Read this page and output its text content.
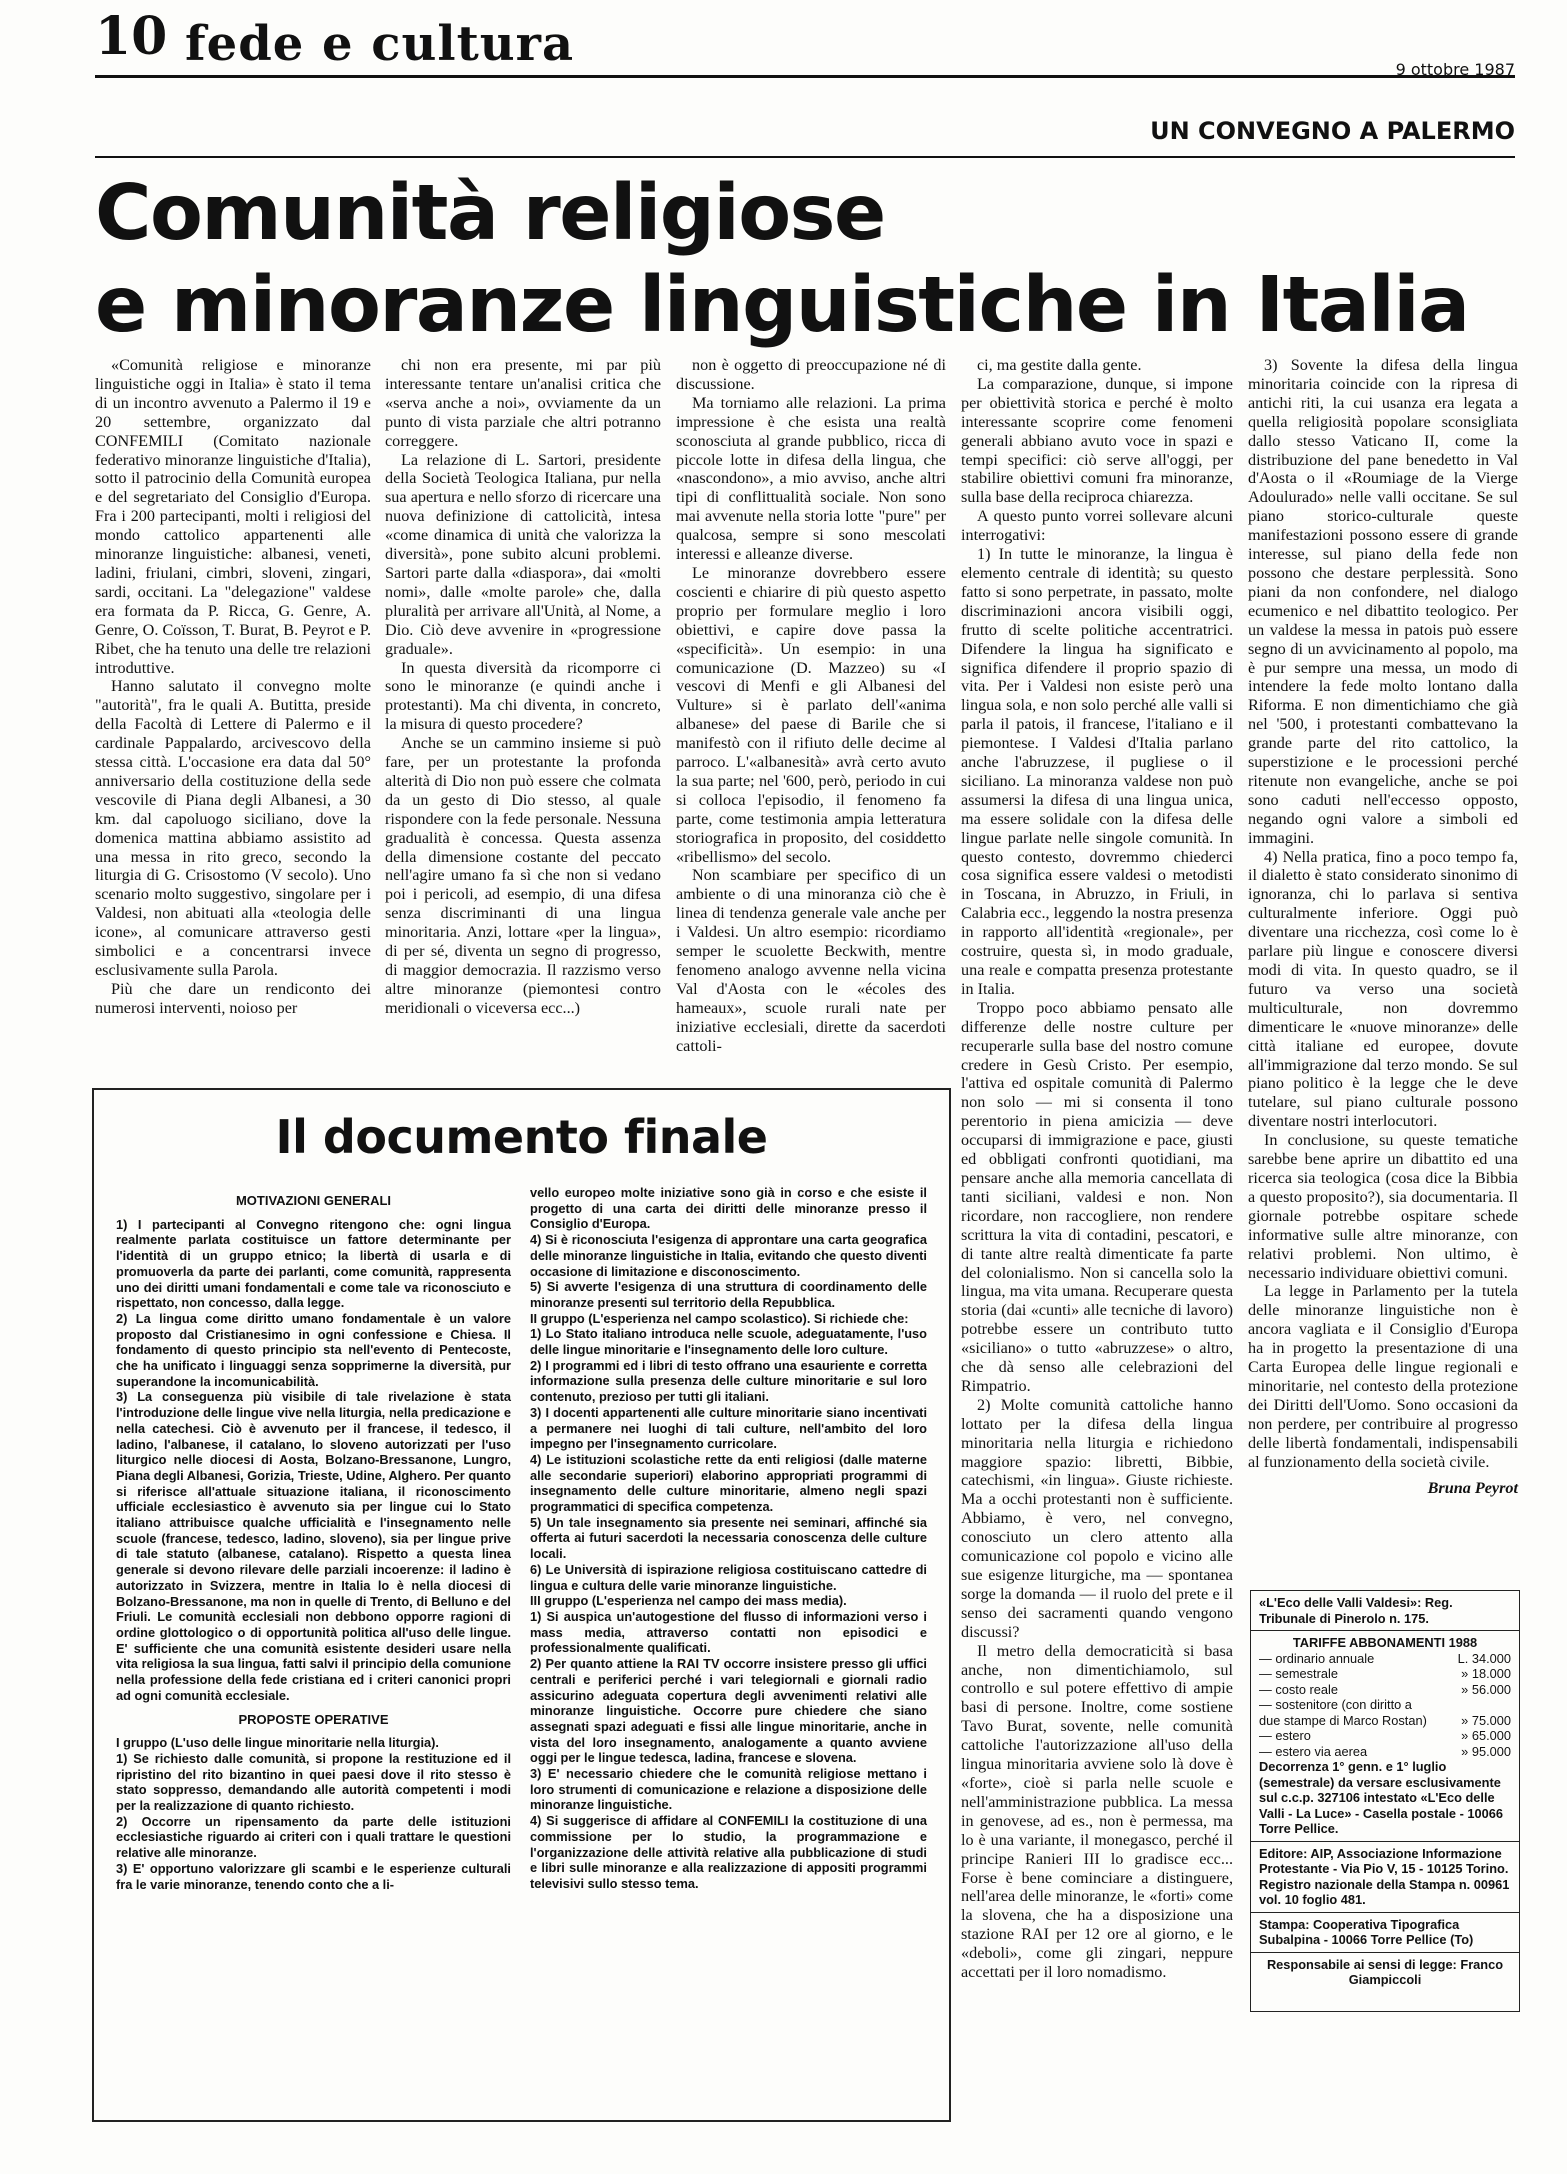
10 fede e cultura	9 ottobre 1987
UN CONVEGNO A PALERMO
Comunità religiose
e minoranze linguistiche in Italia

«Comunità religiose e minoranze linguistiche oggi in Italia» è stato il tema di un incontro avvenuto a Palermo il 19 e 20 settembre, organizzato dal CONFEMILI (Comitato nazionale federativo minoranze linguistiche d'Italia), sotto il patrocinio della Comunità europea e del segretariato del Consiglio d'Europa. Fra i 200 partecipanti, molti i religiosi del mondo cattolico appartenenti alle minoranze linguistiche: albanesi, veneti, ladini, friulani, cimbri, sloveni, zingari, sardi, occitani. La "delegazione" valdese era formata da P. Ricca, G. Genre, A. Genre, O. Coïsson, T. Burat, B. Peyrot e P. Ribet, che ha tenuto una delle tre relazioni introduttive.

Hanno salutato il convegno molte "autorità", fra le quali A. Butitta, preside della Facoltà di Lettere di Palermo e il cardinale Pappalardo, arcivescovo della stessa città. L'occasione era data dal 50° anniversario della costituzione della sede vescovile di Piana degli Albanesi, a 30 km. dal capoluogo siciliano, dove la domenica mattina abbiamo assistito ad una messa in rito greco, secondo la liturgia di G. Crisostomo (V secolo). Uno scenario molto suggestivo, singolare per i Valdesi, non abituati alla «teologia delle icone», al comunicare attraverso gesti simbolici e a concentrarsi invece esclusivamente sulla Parola.

Più che dare un rendiconto dei numerosi interventi, noioso per

chi non era presente, mi par più interessante tentare un'analisi critica che «serva anche a noi», ovviamente da un punto di vista parziale che altri potranno correggere.

La relazione di L. Sartori, presidente della Società Teologica Italiana, pur nella sua apertura e nello sforzo di ricercare una nuova definizione di cattolicità, intesa «come dinamica di unità che valorizza la diversità», pone subito alcuni problemi. Sartori parte dalla «diaspora», dai «molti nomi», dalle «molte parole» che, dalla pluralità per arrivare all'Unità, al Nome, a Dio. Ciò deve avvenire in «progressione graduale».

In questa diversità da ricomporre ci sono le minoranze (e quindi anche i protestanti). Ma chi diventa, in concreto, la misura di questo procedere?

Anche se un cammino insieme si può fare, per un protestante la profonda alterità di Dio non può essere che colmata da un gesto di Dio stesso, al quale rispondere con la fede personale. Nessuna gradualità è concessa. Questa assenza della dimensione costante del peccato nell'agire umano fa sì che non si vedano poi i pericoli, ad esempio, di una difesa senza discriminanti di una lingua minoritaria. Anzi, lottare «per la lingua», di per sé, diventa un segno di progresso, di maggior democrazia. Il razzismo verso altre minoranze (piemontesi contro meridionali o viceversa ecc...)

non è oggetto di preoccupazione né di discussione.

Ma torniamo alle relazioni. La prima impressione è che esista una realtà sconosciuta al grande pubblico, ricca di piccole lotte in difesa della lingua, che «nascondono», a mio avviso, anche altri tipi di conflittualità sociale. Non sono mai avvenute nella storia lotte "pure" per qualcosa, sempre si sono mescolati interessi e alleanze diverse.

Le minoranze dovrebbero essere coscienti e chiarire di più questo aspetto proprio per formulare meglio i loro obiettivi, e capire dove passa la «specificità». Un esempio: in una comunicazione (D. Mazzeo) su «I vescovi di Menfi e gli Albanesi del Vulture» si è parlato dell'«anima albanese» del paese di Barile che si manifestò con il rifiuto delle decime al parroco. L'«albanesità» avrà certo avuto la sua parte; nel '600, però, periodo in cui si colloca l'episodio, il fenomeno fa parte, come testimonia ampia letteratura storiografica in proposito, del cosiddetto «ribellismo» del secolo.

Non scambiare per specifico di un ambiente o di una minoranza ciò che è linea di tendenza generale vale anche per i Valdesi. Un altro esempio: ricordiamo semper le scuolette Beckwith, mentre fenomeno analogo avvenne nella vicina Val d'Aosta con le «écoles des hameaux», scuole rurali nate per iniziative ecclesiali, dirette da sacerdoti cattoli-

ci, ma gestite dalla gente.

La comparazione, dunque, si impone per obiettività storica e perché è molto interessante scoprire come fenomeni generali abbiano avuto voce in spazi e tempi specifici: ciò serve all'oggi, per stabilire obiettivi comuni fra minoranze, sulla base della reciproca chiarezza.

A questo punto vorrei sollevare alcuni interrogativi:

1) In tutte le minoranze, la lingua è elemento centrale di identità; su questo fatto si sono perpetrate, in passato, molte discriminazioni ancora visibili oggi, frutto di scelte politiche accentratrici. Difendere la lingua ha significato e significa difendere il proprio spazio di vita. Per i Valdesi non esiste però una lingua sola, e non solo perché alle valli si parla il patois, il francese, l'italiano e il piemontese. I Valdesi d'Italia parlano anche l'abruzzese, il pugliese o il siciliano. La minoranza valdese non può assumersi la difesa di una lingua unica, ma essere solidale con la difesa delle lingue parlate nelle singole comunità. In questo contesto, dovremmo chiederci cosa significa essere valdesi o metodisti in Toscana, in Abruzzo, in Friuli, in Calabria ecc., leggendo la nostra presenza in rapporto all'identità «regionale», per costruire, questa sì, in modo graduale, una reale e compatta presenza protestante in Italia.

Troppo poco abbiamo pensato alle differenze delle nostre culture per recuperarle sulla base del nostro comune credere in Gesù Cristo. Per esempio, l'attiva ed ospitale comunità di Palermo non solo — mi si consenta il tono perentorio in piena amicizia — deve occuparsi di immigrazione e pace, giusti ed obbligati confronti quotidiani, ma pensare anche alla memoria cancellata di tanti siciliani, valdesi e non. Non ricordare, non raccogliere, non rendere scrittura la vita di contadini, pescatori, e di tante altre realtà dimenticate fa parte del colonialismo. Non si cancella solo la lingua, ma vita umana. Recuperare questa storia (dai «cunti» alle tecniche di lavoro) potrebbe essere un contributo tutto «siciliano» o tutto «abruzzese» o altro, che dà senso alle celebrazioni del Rimpatrio.

2) Molte comunità cattoliche hanno lottato per la difesa della lingua minoritaria nella liturgia e richiedono maggiore spazio: libretti, Bibbie, catechismi, «in lingua». Giuste richieste. Ma a occhi protestanti non è sufficiente. Abbiamo, è vero, nel convegno, conosciuto un clero attento alla comunicazione col popolo e vicino alle sue esigenze liturgiche, ma — spontanea sorge la domanda — il ruolo del prete e il senso dei sacramenti quando vengono discussi?

Il metro della democraticità si basa anche, non dimentichiamolo, sul controllo e sul potere effettivo di ampie basi di persone. Inoltre, come sostiene Tavo Burat, sovente, nelle comunità cattoliche l'autorizzazione all'uso della lingua minoritaria avviene solo là dove è «forte», cioè si parla nelle scuole e nell'amministrazione pubblica. La messa in genovese, ad es., non è permessa, ma lo è una variante, il monegasco, perché il principe Ranieri III lo gradisce ecc... Forse è bene cominciare a distinguere, nell'area delle minoranze, le «forti» come la slovena, che ha a disposizione una stazione RAI per 12 ore al giorno, e le «deboli», come gli zingari, neppure accettati per il loro nomadismo.

3) Sovente la difesa della lingua minoritaria coincide con la ripresa di antichi riti, la cui usanza era legata a quella religiosità popolare sconsigliata dallo stesso Vaticano II, come la distribuzione del pane benedetto in Val d'Aosta o il «Roumiage de la Vierge Adoulurado» nelle valli occitane. Se sul piano storico-culturale queste manifestazioni possono essere di grande interesse, sul piano della fede non possono che destare perplessità. Sono piani da non confondere, nel dialogo ecumenico e nel dibattito teologico. Per un valdese la messa in patois può essere segno di un avvicinamento al popolo, ma è pur sempre una messa, un modo di intendere la fede molto lontano dalla Riforma. E non dimentichiamo che già nel '500, i protestanti combattevano la grande parte del rito cattolico, la superstizione e le processioni perché ritenute non evangeliche, anche se poi sono caduti nell'eccesso opposto, negando ogni valore a simboli ed immagini.

4) Nella pratica, fino a poco tempo fa, il dialetto è stato considerato sinonimo di ignoranza, chi lo parlava si sentiva culturalmente inferiore. Oggi può diventare una ricchezza, così come lo è parlare più lingue e conoscere diversi modi di vita. In questo quadro, se il futuro va verso una società multiculturale, non dovremmo dimenticare le «nuove minoranze» delle città italiane ed europee, dovute all'immigrazione dal terzo mondo. Se sul piano politico è la legge che le deve tutelare, sul piano culturale possono diventare nostri interlocutori.

In conclusione, su queste tematiche sarebbe bene aprire un dibattito ed una ricerca sia teologica (cosa dice la Bibbia a questo proposito?), sia documentaria. Il giornale potrebbe ospitare schede informative sulle altre minoranze, con relativi problemi. Non ultimo, è necessario individuare obiettivi comuni.

La legge in Parlamento per la tutela delle minoranze linguistiche non è ancora vagliata e il Consiglio d'Europa ha in progetto la presentazione di una Carta Europea delle lingue regionali e minoritarie, nel contesto della protezione dei Diritti dell'Uomo. Sono occasioni da non perdere, per contribuire al progresso delle libertà fondamentali, indispensabili al funzionamento della società civile.

Bruna Peyrot
Il documento finale

MOTIVAZIONI GENERALI

1) I partecipanti al Convegno ritengono che: ogni lingua realmente parlata costituisce un fattore determinante per l'identità di un gruppo etnico; la libertà di usarla e di promuoverla da parte dei parlanti, come comunità, rappresenta uno dei diritti umani fondamentali e come tale va riconosciuto e rispettato, non concesso, dalla legge.

2) La lingua come diritto umano fondamentale è un valore proposto dal Cristianesimo in ogni confessione e Chiesa. Il fondamento di questo principio sta nell'evento di Pentecoste, che ha unificato i linguaggi senza sopprimerne la diversità, pur superandone la incomunicabilità.

3) La conseguenza più visibile di tale rivelazione è stata l'introduzione delle lingue vive nella liturgia, nella predicazione e nella catechesi. Ciò è avvenuto per il francese, il tedesco, il ladino, l'albanese, il catalano, lo sloveno autorizzati per l'uso liturgico nelle diocesi di Aosta, Bolzano-Bressanone, Lungro, Piana degli Albanesi, Gorizia, Trieste, Udine, Alghero. Per quanto si riferisce all'attuale situazione italiana, il riconoscimento ufficiale ecclesiastico è avvenuto sia per lingue cui lo Stato italiano attribuisce qualche ufficialità e l'insegnamento nelle scuole (francese, tedesco, ladino, sloveno), sia per lingue prive di tale statuto (albanese, catalano). Rispetto a questa linea generale si devono rilevare delle parziali incoerenze: il ladino è autorizzato in Svizzera, mentre in Italia lo è nella diocesi di Bolzano-Bressanone, ma non in quelle di Trento, di Belluno e del Friuli. Le comunità ecclesiali non debbono opporre ragioni di ordine glottologico o di opportunità politica all'uso delle lingue. E' sufficiente che una comunità esistente desideri usare nella vita religiosa la sua lingua, fatti salvi il principio della comunione nella professione della fede cristiana ed i criteri canonici propri ad ogni comunità ecclesiale.

PROPOSTE OPERATIVE

I gruppo (L'uso delle lingue minoritarie nella liturgia).

1) Se richiesto dalle comunità, si propone la restituzione ed il ripristino del rito bizantino in quei paesi dove il rito stesso è stato soppresso, demandando alle autorità competenti i modi per la realizzazione di quanto richiesto.

2) Occorre un ripensamento da parte delle istituzioni ecclesiastiche riguardo ai criteri con i quali trattare le questioni relative alle minoranze.

3) E' opportuno valorizzare gli scambi e le esperienze culturali fra le varie minoranze, tenendo conto che a li-

vello europeo molte iniziative sono già in corso e che esiste il progetto di una carta dei diritti delle minoranze presso il Consiglio d'Europa.

4) Si è riconosciuta l'esigenza di approntare una carta geografica delle minoranze linguistiche in Italia, evitando che questo diventi occasione di limitazione e disconoscimento.

5) Si avverte l'esigenza di una struttura di coordinamento delle minoranze presenti sul territorio della Repubblica.

II gruppo (L'esperienza nel campo scolastico). Si richiede che:

1) Lo Stato italiano introduca nelle scuole, adeguatamente, l'uso delle lingue minoritarie e l'insegnamento delle loro culture.

2) I programmi ed i libri di testo offrano una esauriente e corretta informazione sulla presenza delle culture minoritarie e sul loro contenuto, prezioso per tutti gli italiani.

3) I docenti appartenenti alle culture minoritarie siano incentivati a permanere nei luoghi di tali culture, nell'ambito del loro impegno per l'insegnamento curricolare.

4) Le istituzioni scolastiche rette da enti religiosi (dalle materne alle secondarie superiori) elaborino appropriati programmi di insegnamento delle culture minoritarie, almeno negli spazi programmatici di specifica competenza.

5) Un tale insegnamento sia presente nei seminari, affinché sia offerta ai futuri sacerdoti la necessaria conoscenza delle culture locali.

6) Le Università di ispirazione religiosa costituiscano cattedre di lingua e cultura delle varie minoranze linguistiche.

III gruppo (L'esperienza nel campo dei mass media).

1) Si auspica un'autogestione del flusso di informazioni verso i mass media, attraverso contatti non episodici e professionalmente qualificati.

2) Per quanto attiene la RAI TV occorre insistere presso gli uffici centrali e periferici perché i vari telegiornali e giornali radio assicurino adeguata copertura degli avvenimenti relativi alle minoranze linguistiche. Occorre pure chiedere che siano assegnati spazi adeguati e fissi alle lingue minoritarie, anche in vista del loro insegnamento, analogamente a quanto avviene oggi per le lingue tedesca, ladina, francese e slovena.

3) E' necessario chiedere che le comunità religiose mettano i loro strumenti di comunicazione e relazione a disposizione delle minoranze linguistiche.

4) Si suggerisce di affidare al CONFEMILI la costituzione di una commissione per lo studio, la programmazione e l'organizzazione delle attività relative alla pubblicazione di studi e libri sulle minoranze e alla realizzazione di appositi programmi televisivi sullo stesso tema.

«L'Eco delle Valli Valdesi»: Reg. Tribunale di Pinerolo n. 175.
TARIFFE ABBONAMENTI 1988
— ordinario annuale	L. 34.000
— semestrale	» 18.000
— costo reale	» 56.000
— sostenitore (con diritto a due stampe di Marco Rostan)	» 75.000
— estero	» 65.000
— estero via aerea	» 95.000
Decorrenza 1° genn. e 1° luglio (semestrale) da versare esclusivamente sul c.c.p. 327106 intestato «L'Eco delle Valli - La Luce» - Casella postale - 10066 Torre Pellice.
Editore: AIP, Associazione Informazione Protestante - Via Pio V, 15 - 10125 Torino. Registro nazionale della Stampa n. 00961 vol. 10 foglio 481.
Stampa: Cooperativa Tipografica Subalpina - 10066 Torre Pellice (To)
Responsabile ai sensi di legge: Franco Giampiccoli
